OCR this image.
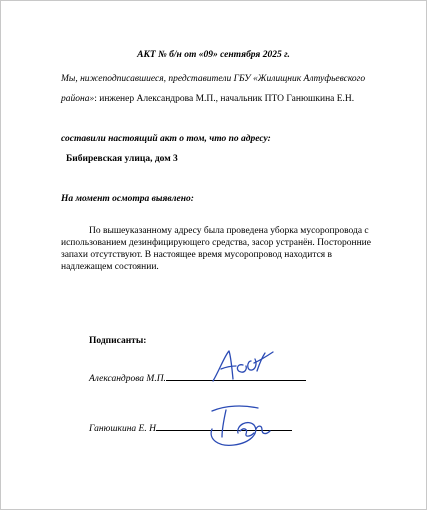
АКТ № б/н от «09» сентября 2025 г.
Мы, нижеподписавшиеся, представители ГБУ «Жилищник Алтуфьевского
района»: инженер Александрова М.П., начальник ПТО Ганюшкина Е.Н.
составили настоящий акт о том, что по адресу:
Бибиревская улица, дом 3
На момент осмотра выявлено:
По вышеуказанному адресу была проведена уборка мусоропровода с использованием дезинфицирующего средства, засор устранён. Посторонние запахи отсутствуют. В настоящее время мусоропровод находится в надлежащем состоянии.
Подписанты:
Александрова М.П.
Ганюшкина Е. Н
